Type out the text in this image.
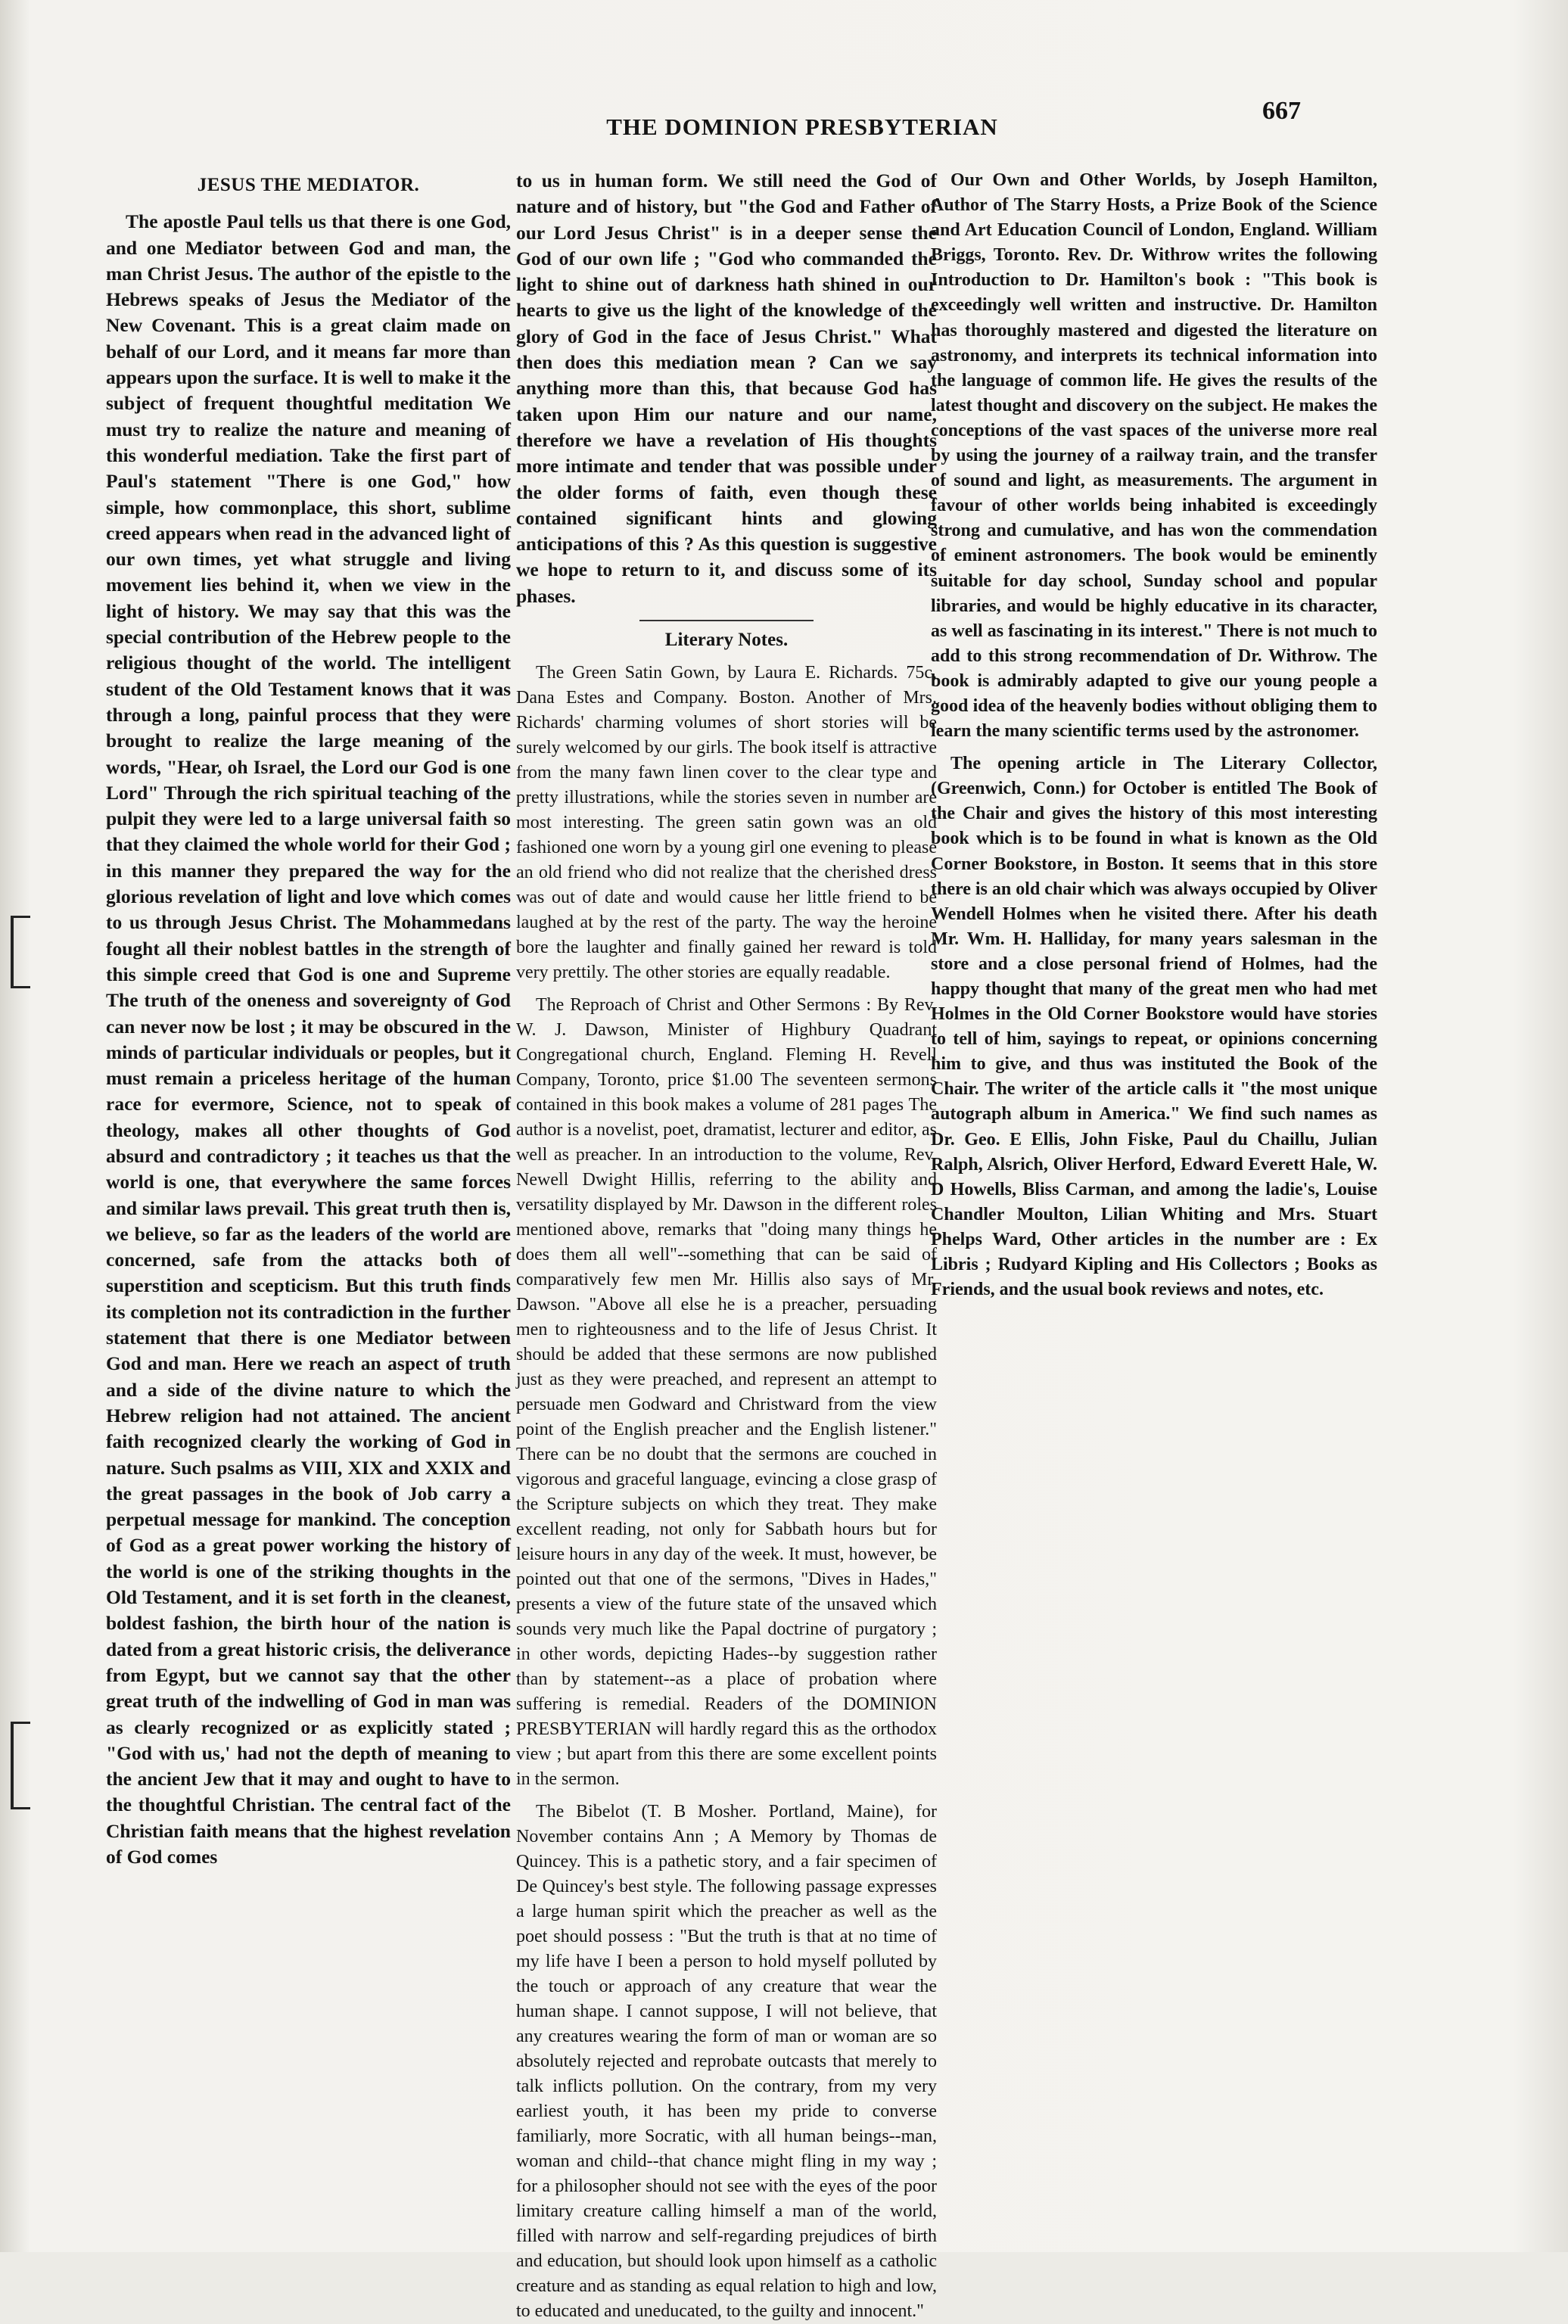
THE DOMINION PRESBYTERIAN
667
JESUS THE MEDIATOR.

The apostle Paul tells us that there is one God, and one Mediator between God and man, the man Christ Jesus. The author of the epistle to the Hebrews speaks of Jesus the Mediator of the New Covenant. This is a great claim made on behalf of our Lord, and it means far more than appears upon the surface. It is well to make it the subject of frequent thoughtful meditation We must try to realize the nature and meaning of this wonderful mediation. Take the first part of Paul's statement "There is one God," how simple, how commonplace, this short, sublime creed appears when read in the advanced light of our own times, yet what struggle and living movement lies behind it, when we view in the light of history. We may say that this was the special contribution of the Hebrew people to the religious thought of the world. The intelligent student of the Old Testament knows that it was through a long, painful process that they were brought to realize the large meaning of the words, "Hear, oh Israel, the Lord our God is one Lord" Through the rich spiritual teaching of the pulpit they were led to a large universal faith so that they claimed the whole world for their God ; in this manner they prepared the way for the glorious revelation of light and love which comes to us through Jesus Christ. The Mohammedans fought all their noblest battles in the strength of this simple creed that God is one and Supreme The truth of the oneness and sovereignty of God can never now be lost ; it may be obscured in the minds of particular individuals or peoples, but it must remain a priceless heritage of the human race for evermore, Science, not to speak of theology, makes all other thoughts of God absurd and contradictory ; it teaches us that the world is one, that everywhere the same forces and similar laws prevail. This great truth then is, we believe, so far as the leaders of the world are concerned, safe from the attacks both of superstition and scepticism. But this truth finds its completion not its contradiction in the further statement that there is one Mediator between God and man. Here we reach an aspect of truth and a side of the divine nature to which the Hebrew religion had not attained. The ancient faith recognized clearly the working of God in nature. Such psalms as VIII, XIX and XXIX and the great passages in the book of Job carry a perpetual message for mankind. The conception of God as a great power working the history of the world is one of the striking thoughts in the Old Testament, and it is set forth in the cleanest, boldest fashion, the birth hour of the nation is dated from a great historic crisis, the deliverance from Egypt, but we cannot say that the other great truth of the indwelling of God in man was as clearly recognized or as explicitly stated ; "God with us,' had not the depth of meaning to the ancient Jew that it may and ought to have to the thoughtful Christian. The central fact of the Christian faith means that the highest revelation of God comes

to us in human form. We still need the God of nature and of history, but "the God and Father of our Lord Jesus Christ" is in a deeper sense the God of our own life ; "God who commanded the light to shine out of darkness hath shined in our hearts to give us the light of the knowledge of the glory of God in the face of Jesus Christ." What then does this mediation mean ? Can we say anything more than this, that because God has taken upon Him our nature and our name, therefore we have a revelation of His thoughts more intimate and tender that was possible under the older forms of faith, even though these contained significant hints and glowing anticipations of this ? As this question is suggestive we hope to return to it, and discuss some of its phases.

Literary Notes.

The Green Satin Gown, by Laura E. Richards. 75c, Dana Estes and Company. Boston. Another of Mrs. Richards' charming volumes of short stories will be surely welcomed by our girls. The book itself is attractive from the many fawn linen cover to the clear type and pretty illustrations, while the stories seven in number are most interesting. The green satin gown was an old fashioned one worn by a young girl one evening to please an old friend who did not realize that the cherished dress was out of date and would cause her little friend to be laughed at by the rest of the party. The way the heroine bore the laughter and finally gained her reward is told very prettily. The other stories are equally readable.

The Reproach of Christ and Other Sermons : By Rev. W. J. Dawson, Minister of Highbury Quadrant Congregational church, England. Fleming H. Revell Company, Toronto, price $1.00 The seventeen sermons contained in this book makes a volume of 281 pages The author is a novelist, poet, dramatist, lecturer and editor, as well as preacher. In an introduction to the volume, Rev. Newell Dwight Hillis, referring to the ability and versatility displayed by Mr. Dawson in the different roles mentioned above, remarks that "doing many things he does them all well"--something that can be said of comparatively few men Mr. Hillis also says of Mr. Dawson. "Above all else he is a preacher, persuading men to righteousness and to the life of Jesus Christ. It should be added that these sermons are now published just as they were preached, and represent an attempt to persuade men Godward and Christward from the view point of the English preacher and the English listener." There can be no doubt that the sermons are couched in vigorous and graceful language, evincing a close grasp of the Scripture subjects on which they treat. They make excellent reading, not only for Sabbath hours but for leisure hours in any day of the week. It must, however, be pointed out that one of the sermons, "Dives in Hades," presents a view of the future state of the unsaved which sounds very much like the Papal doctrine of purgatory ; in other words, depicting Hades--by suggestion rather than by statement--as a place of probation where suffering is remedial. Readers of the DOMINION PRESBYTERIAN will hardly regard this as the orthodox view ; but apart from this there are some excellent points in the sermon.

The Bibelot (T. B Mosher. Portland, Maine), for November contains Ann ; A Memory by Thomas de Quincey. This is a pathetic story, and a fair specimen of De Quincey's best style. The following passage expresses a large human spirit which the preacher as well as the poet should possess : "But the truth is that at no time of my life have I been a person to hold myself polluted by the touch or approach of any creature that wear the human shape. I cannot suppose, I will not believe, that any creatures wearing the form of man or woman are so absolutely rejected and reprobate outcasts that merely to talk inflicts pollution. On the contrary, from my very earliest youth, it has been my pride to converse familiarly, more Socratic, with all human beings--man, woman and child--that chance might fling in my way ; for a philosopher should not see with the eyes of the poor limitary creature calling himself a man of the world, filled with narrow and self-regarding prejudices of birth and education, but should look upon himself as a catholic creature and as standing as equal relation to high and low, to educated and uneducated, to the guilty and innocent."

Our Own and Other Worlds, by Joseph Hamilton, Author of The Starry Hosts, a Prize Book of the Science and Art Education Council of London, England. William Briggs, Toronto. Rev. Dr. Withrow writes the following Introduction to Dr. Hamilton's book : "This book is exceedingly well written and instructive. Dr. Hamilton has thoroughly mastered and digested the literature on astronomy, and interprets its technical information into the language of common life. He gives the results of the latest thought and discovery on the subject. He makes the conceptions of the vast spaces of the universe more real by using the journey of a railway train, and the transfer of sound and light, as measurements. The argument in favour of other worlds being inhabited is exceedingly strong and cumulative, and has won the commendation of eminent astronomers. The book would be eminently suitable for day school, Sunday school and popular libraries, and would be highly educative in its character, as well as fascinating in its interest." There is not much to add to this strong recommendation of Dr. Withrow. The book is admirably adapted to give our young people a good idea of the heavenly bodies without obliging them to learn the many scientific terms used by the astronomer.

The opening article in The Literary Collector, (Greenwich, Conn.) for October is entitled The Book of the Chair and gives the history of this most interesting book which is to be found in what is known as the Old Corner Bookstore, in Boston. It seems that in this store there is an old chair which was always occupied by Oliver Wendell Holmes when he visited there. After his death Mr. Wm. H. Halliday, for many years salesman in the store and a close personal friend of Holmes, had the happy thought that many of the great men who had met Holmes in the Old Corner Bookstore would have stories to tell of him, sayings to repeat, or opinions concerning him to give, and thus was instituted the Book of the Chair. The writer of the article calls it "the most unique autograph album in America." We find such names as Dr. Geo. E Ellis, John Fiske, Paul du Chaillu, Julian Ralph, Alsrich, Oliver Herford, Edward Everett Hale, W. D Howells, Bliss Carman, and among the ladie's, Louise Chandler Moulton, Lilian Whiting and Mrs. Stuart Phelps Ward, Other articles in the number are : Ex Libris ; Rudyard Kipling and His Collectors ; Books as Friends, and the usual book reviews and notes, etc.
